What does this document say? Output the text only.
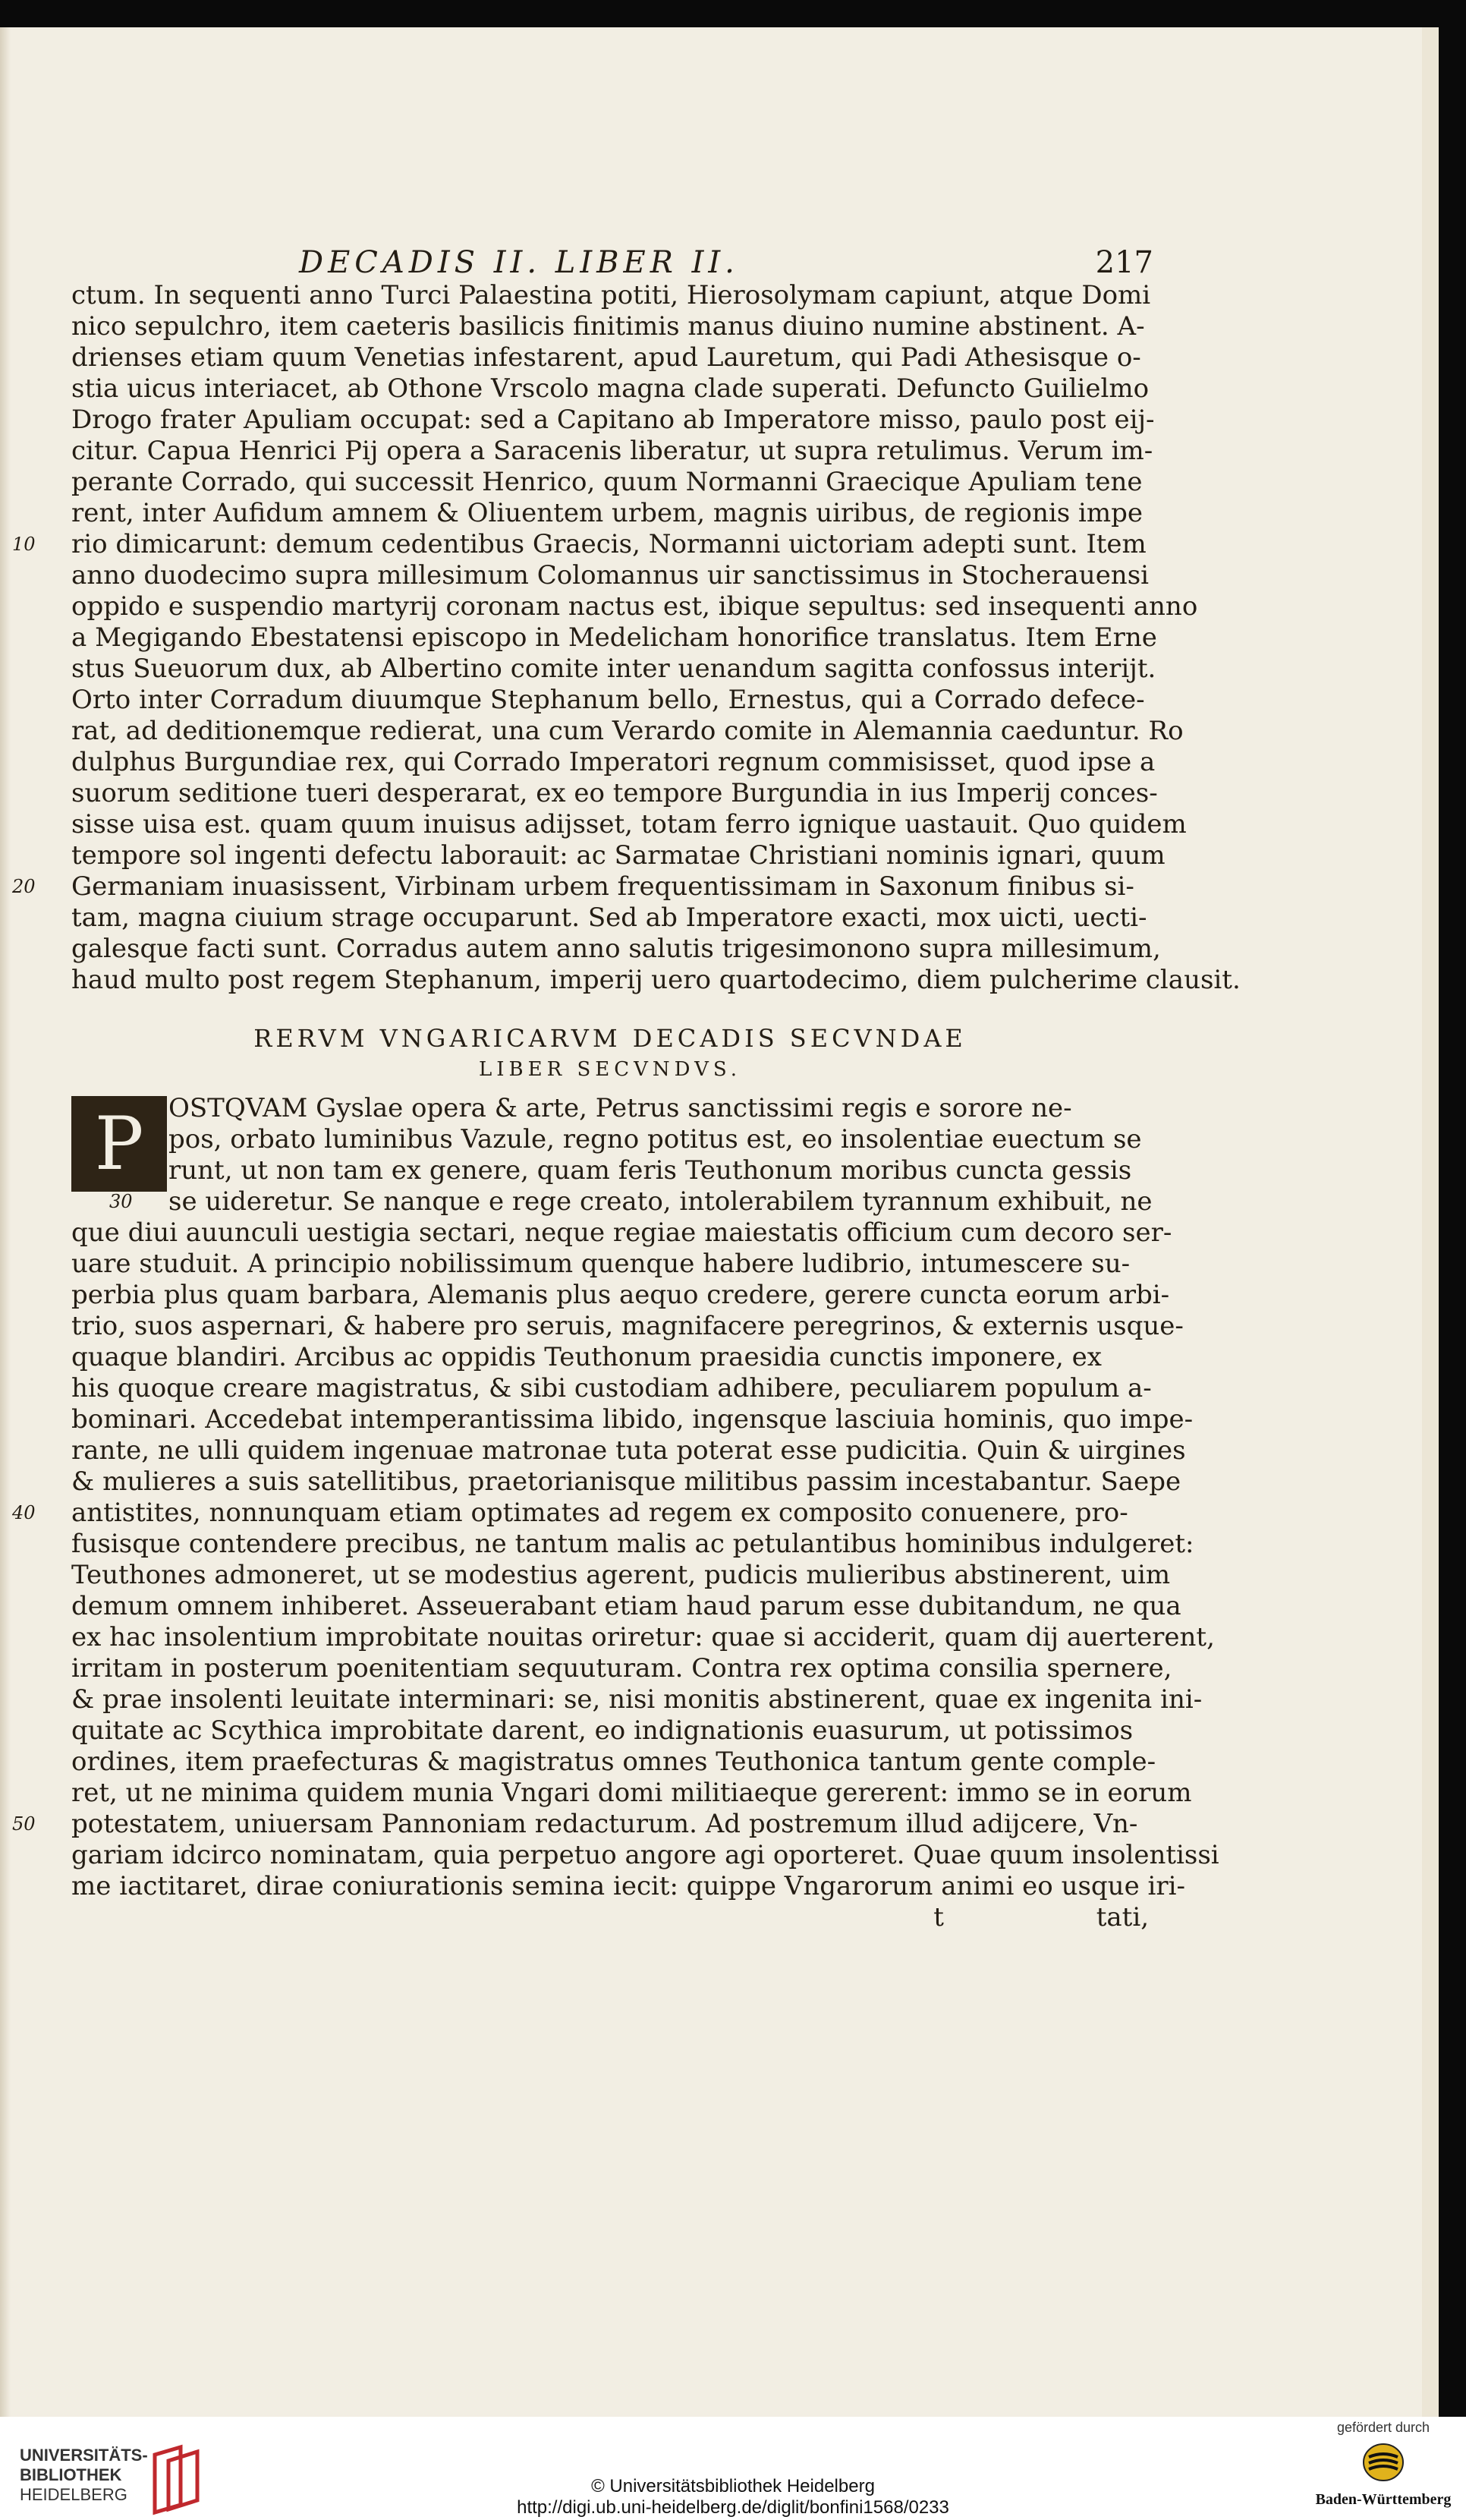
DECADIS II. LIBER II.	217
ctum. In sequenti anno Turci Palaestina potiti, Hierosolymam capiunt, atque Domi
nico sepulchro, item caeteris basilicis finitimis manus diuino numine abstinent. A-
drienses etiam quum Venetias infestarent, apud Lauretum, qui Padi Athesisque o-
stia uicus interiacet, ab Othone Vrscolo magna clade superati. Defuncto Guilielmo
Drogo frater Apuliam occupat: sed a Capitano ab Imperatore misso, paulo post eij-
citur. Capua Henrici Pij opera a Saracenis liberatur, ut supra retulimus. Verum im-
perante Corrado, qui successit Henrico, quum Normanni Graecique Apuliam tene
rent, inter Aufidum amnem & Oliuentem urbem, magnis uiribus, de regionis impe
10 rio dimicarunt: demum cedentibus Graecis, Normanni uictoriam adepti sunt. Item
anno duodecimo supra millesimum Colomannus uir sanctissimus in Stocherauensi
oppido e suspendio martyrij coronam nactus est, ibique sepultus: sed insequenti anno
a Megigando Ebestatensi episcopo in Medelicham honorifice translatus. Item Erne
stus Sueuorum dux, ab Albertino comite inter uenandum sagitta confossus interijt.
Orto inter Corradum diuumque Stephanum bello, Ernestus, qui a Corrado defece-
rat, ad deditionemque redierat, una cum Verardo comite in Alemannia caeduntur. Ro
dulphus Burgundiae rex, qui Corrado Imperatori regnum commisisset, quod ipse a
suorum seditione tueri desperarat, ex eo tempore Burgundia in ius Imperij conces-
sisse uisa est. quam quum inuisus adijsset, totam ferro ignique uastauit. Quo quidem
tempore sol ingenti defectu laborauit: ac Sarmatae Christiani nominis ignari, quum
20 Germaniam inuasissent, Virbinam urbem frequentissimam in Saxonum finibus si-
tam, magna ciuium strage occuparunt. Sed ab Imperatore exacti, mox uicti, uecti-
galesque facti sunt. Corradus autem anno salutis trigesimonono supra millesimum,
haud multo post regem Stephanum, imperij uero quartodecimo, diem pulcherime clausit.
RERVM VNGARICARVM DECADIS SECVNDAE
LIBER SECVNDVS.
P OSTQVAM Gyslae opera & arte, Petrus sanctissimi regis e sorore ne-
pos, orbato luminibus Vazule, regno potitus est, eo insolentiae euectum se
runt, ut non tam ex genere, quam feris Teuthonum moribus cuncta gessis
30 se uideretur. Se nanque e rege creato, intolerabilem tyrannum exhibuit, ne
que diui auunculi uestigia sectari, neque regiae maiestatis officium cum decoro ser-
uare studuit. A principio nobilissimum quenque habere ludibrio, intumescere su-
perbia plus quam barbara, Alemanis plus aequo credere, gerere cuncta eorum arbi-
trio, suos aspernari, & habere pro seruis, magnifacere peregrinos, & externis usque-
quaque blandiri. Arcibus ac oppidis Teuthonum praesidia cunctis imponere, ex
his quoque creare magistratus, & sibi custodiam adhibere, peculiarem populum a-
bominari. Accedebat intemperantissima libido, ingensque lasciuia hominis, quo impe-
rante, ne ulli quidem ingenuae matronae tuta poterat esse pudicitia. Quin & uirgines
& mulieres a suis satellitibus, praetorianisque militibus passim incestabantur. Saepe
40 antistites, nonnunquam etiam optimates ad regem ex composito conuenere, pro-
fusisque contendere precibus, ne tantum malis ac petulantibus hominibus indulgeret:
Teuthones admoneret, ut se modestius agerent, pudicis mulieribus abstinerent, uim
demum omnem inhiberet. Asseuerabant etiam haud parum esse dubitandum, ne qua
ex hac insolentium improbitate nouitas oriretur: quae si acciderit, quam dij auerterent,
irritam in posterum poenitentiam sequuturam. Contra rex optima consilia spernere,
& prae insolenti leuitate interminari: se, nisi monitis abstinerent, quae ex ingenita ini-
quitate ac Scythica improbitate darent, eo indignationis euasurum, ut potissimos
ordines, item praefecturas & magistratus omnes Teuthonica tantum gente comple-
ret, ut ne minima quidem munia Vngari domi militiaeque gererent: immo se in eorum
50 potestatem, uniuersam Pannoniam redacturum. Ad postremum illud adijcere, Vn-
gariam idcirco nominatam, quia perpetuo angore agi oporteret. Quae quum insolentissi
me iactitaret, dirae coniurationis semina iecit: quippe Vngarorum animi eo usque iri-
t	tati,
UNIVERSITÄTS-
BIBLIOTHEK
HEIDELBERG	© Universitätsbibliothek Heidelberg
http://digi.ub.uni-heidelberg.de/diglit/bonfini1568/0233
gefördert durch
Baden-Württemberg
